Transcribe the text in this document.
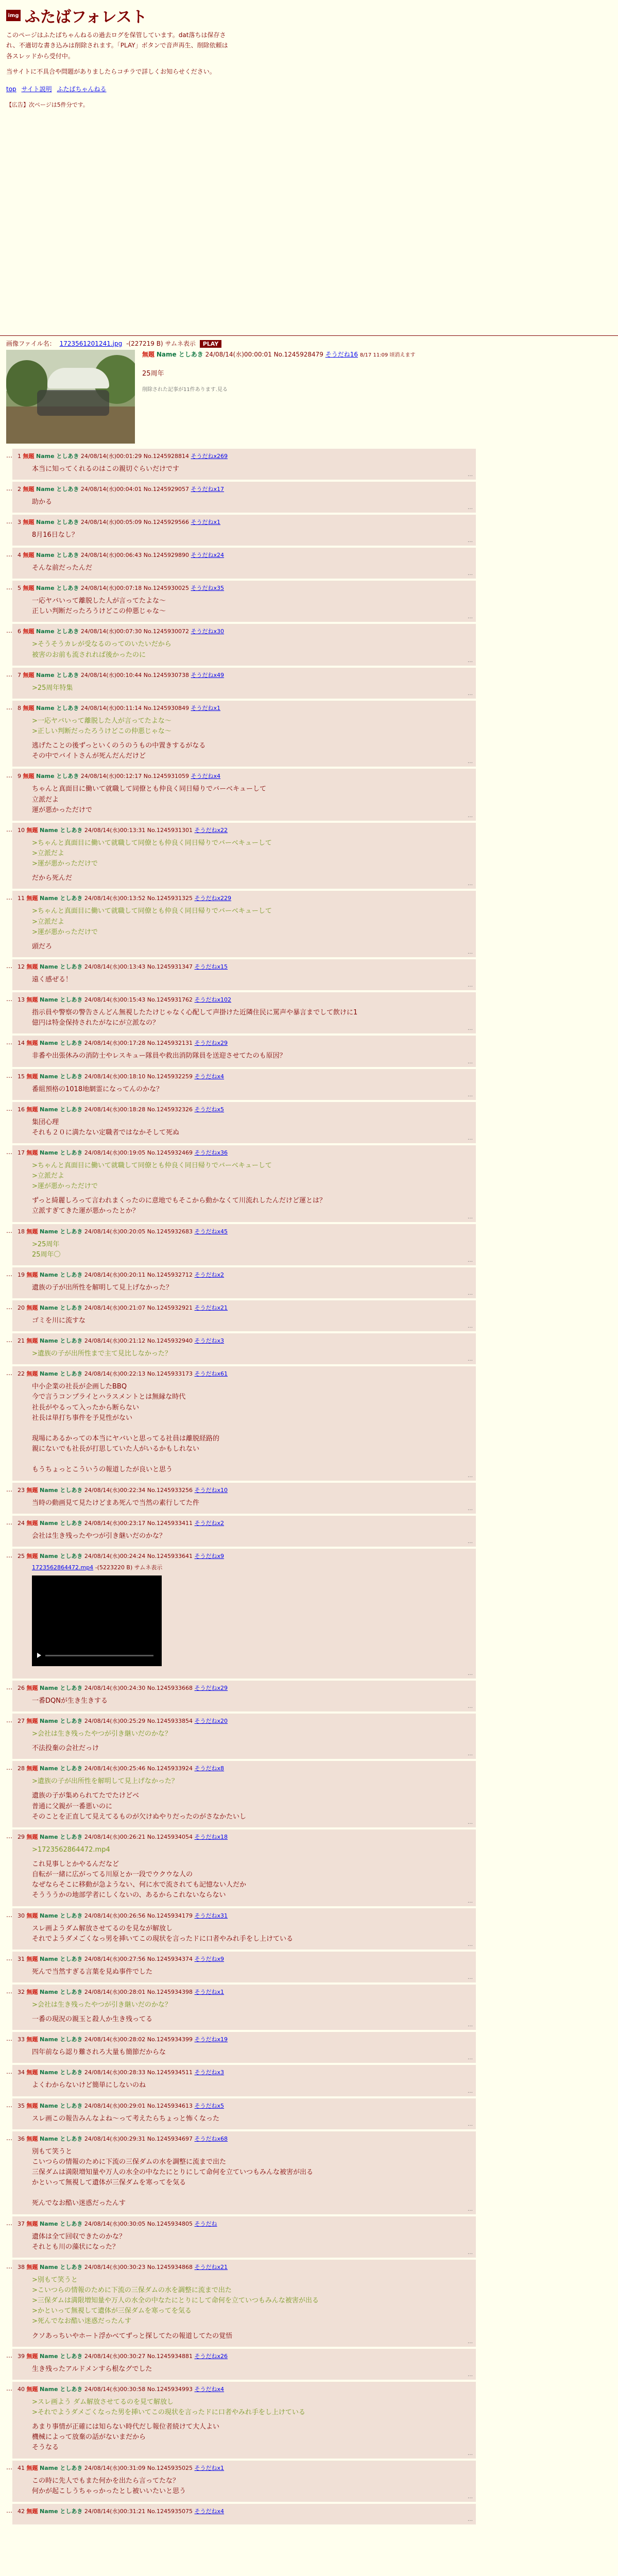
img ふたばフォレスト

このページはふたばちゃんねるの過去ログを保管しています。dat落ちは保存さ

れ、不適切な書き込みは削除されます。「PLAY」ボタンで音声再生、削除依頼は

各スレッドから受付中。

当サイトに不具合や問題がありましたらコチラで詳しくお知らせください。

top サイト説明 ふたばちゃんねる
【広告】次ページは5件分です。
画像ファイル名： 1723561201241.jpg -(227219 B) サムネ表示 PLAY
無題 Name としあき 24/08/14(水)00:00:01 No.1245928479 そうだね16 8/17 11:09 頃消えます
25周年
削除された記事が11件あります.見る
… 1 無題 Name としあき 24/08/14(水)00:01:29 No.1245928814 そうだねx269
本当に知ってくれるのはこの親切ぐらいだけです
…
… 2 無題 Name としあき 24/08/14(水)00:04:01 No.1245929057 そうだねx17
助かる
…
… 3 無題 Name としあき 24/08/14(水)00:05:09 No.1245929566 そうだねx1
8月16日なし？
…
… 4 無題 Name としあき 24/08/14(水)00:06:43 No.1245929890 そうだねx24
そんな前だったんだ
…
… 5 無題 Name としあき 24/08/14(水)00:07:18 No.1245930025 そうだねx35
一応ヤバいって離脱した人が言ってたよな～
正しい判断だったろうけどこの仲悪じゃな～
…
… 6 無題 Name としあき 24/08/14(水)00:07:30 No.1245930072 そうだねx30
>そうそうカレが受なるのってのいたいだから
被害のお前も流されれば後かったのに
…
… 7 無題 Name としあき 24/08/14(水)00:10:44 No.1245930738 そうだねx49
>25周年特集
…
… 8 無題 Name としあき 24/08/14(水)00:11:14 No.1245930849 そうだねx1
>一応ヤバいって離脱した人が言ってたよな～
>正しい判断だったろうけどこの仲悪じゃな～
逃げたことの後ずっといくのうのうもの中置きするがなる
その中でバイトさんが死んだんだけど
…
… 9 無題 Name としあき 24/08/14(水)00:12:17 No.1245931059 そうだねx4
ちゃんと真面目に働いて就職して同僚とも仲良く同日帰りでバーベキューして
立派だよ
運が悪かっただけで
…
… 10 無題 Name としあき 24/08/14(水)00:13:31 No.1245931301 そうだねx22
>ちゃんと真面目に働いて就職して同僚とも仲良く同日帰りでバーベキューして
>立派だよ
>運が悪かっただけで
だから死んだ
…
… 11 無題 Name としあき 24/08/14(水)00:13:52 No.1245931325 そうだねx229
>ちゃんと真面目に働いて就職して同僚とも仲良く同日帰りでバーベキューして
>立派だよ
>運が悪かっただけで
頭だろ
…
… 12 無題 Name としあき 24/08/14(水)00:13:43 No.1245931347 そうだねx15
遠く感ぜる！
…
… 13 無題 Name としあき 24/08/14(水)00:15:43 No.1245931762 そうだねx102
指示員や警察の警告さんどん無視したたけじゃなく心配して声掛けた近隣住民に罵声や暴言までして飲けに1
億円は特金保持されたがなにが立派なの？
…
… 14 無題 Name としあき 24/08/14(水)00:17:28 No.1245932131 そうだねx29
非番や出張休みの消防士やレスキュー隊員や救出消防隊員を送迎させてたのも原因？
…
… 15 無題 Name としあき 24/08/14(水)00:18:10 No.1245932259 そうだねx4
番組預格の1018地網霊になってんのかな？
…
… 16 無題 Name としあき 24/08/14(水)00:18:28 No.1245932326 そうだねx5
集団心理
それも２０に満たない定職者ではなかそして死ぬ
…
… 17 無題 Name としあき 24/08/14(水)00:19:05 No.1245932469 そうだねx36
>ちゃんと真面目に働いて就職して同僚とも仲良く同日帰りでバーベキューして
>立派だよ
>運が悪かっただけで
ずっと綺麗しろって言われまくったのに意地でもそこから動かなくて川流れしたんだけど運とは？
立派すぎてきた運が悪かったとか？
…
… 18 無題 Name としあき 24/08/14(水)00:20:05 No.1245932683 そうだねx45
>25周年
25周年〇
…
… 19 無題 Name としあき 24/08/14(水)00:20:11 No.1245932712 そうだねx2
遺族の子が出所性を解明して見上げなかった？
…
… 20 無題 Name としあき 24/08/14(水)00:21:07 No.1245932921 そうだねx21
ゴミを川に流すな
…
… 21 無題 Name としあき 24/08/14(水)00:21:12 No.1245932940 そうだねx3
>遺族の子が出所性まで主て見比しなかった？
…
… 22 無題 Name としあき 24/08/14(水)00:22:13 No.1245933173 そうだねx61
中小企業の社長が企画したBBQ
今で言うコンプライとハラスメントとは無縁な時代
社長がやるって入ったから断らない
社長は単打ち事件を予見性がない

現場にあるかっての本当にヤバいと思ってる社員は離脱経路的
親にないでも社長が打思していた人がいるかもしれない

もうちょっとこういうの報道したが良いと思う
…
… 23 無題 Name としあき 24/08/14(水)00:22:34 No.1245933256 そうだねx10
当時の動画見て見たけどまあ死んで当然の素行してた件
…
… 24 無題 Name としあき 24/08/14(水)00:23:17 No.1245933411 そうだねx2
会社は生き残ったやつが引き継いだのかな？
…
… 25 無題 Name としあき 24/08/14(水)00:24:24 No.1245933641 そうだねx9
1723562864472.mp4 -(5223220 B) サムネ表示
…
… 26 無題 Name としあき 24/08/14(水)00:24:30 No.1245933668 そうだねx29
一番DQNが生き生きする
…
… 27 無題 Name としあき 24/08/14(水)00:25:29 No.1245933854 そうだねx20
>会社は生き残ったやつが引き継いだのかな？
不法投棄の会社だっけ
…
… 28 無題 Name としあき 24/08/14(水)00:25:46 No.1245933924 そうだねx8
>遺族の子が出所性を解明して見上げなかった？
遺族の子が集められてたでたけどベ
普通に父親が一番悪いのに
そのことを正直して見えてるものが欠けぬやりだったのがさなかたいし
…
… 29 無題 Name としあき 24/08/14(水)00:26:21 No.1245934054 そうだねx18
>1723562864472.mp4
これ見事しとかやるんだなど
自転が一緒に広がってる川原とか一段でウクウな人の
なぜならそこに移動が急ようない、何に水で流されても記憶ない人だか
そうううかの地部学者にしくないの、あるからこれないならない
…
… 30 無題 Name としあき 24/08/14(水)00:26:56 No.1245934179 そうだねx31
スレ画ようダム解放させてるのを見なが解放し
それでようダメごくなっ男を挿いてこの現状を言ったドに口者やみれ手をし上けている
…
… 31 無題 Name としあき 24/08/14(水)00:27:56 No.1245934374 そうだねx9
死んで当然すぎる言葉を見ぬ事件でした
…
… 32 無題 Name としあき 24/08/14(水)00:28:01 No.1245934398 そうだねx1
>会社は生き残ったやつが引き継いだのかな？
一番の現況の親玉と殺人か生き残ってる
…
… 33 無題 Name としあき 24/08/14(水)00:28:02 No.1245934399 そうだねx19
四年前なら認り難されろ大量も簡節だからな
…
… 34 無題 Name としあき 24/08/14(水)00:28:33 No.1245934511 そうだねx3
よくわからないけど簡単にしないのね
…
… 35 無題 Name としあき 24/08/14(水)00:29:01 No.1245934613 そうだねx5
スレ画この報告みんなよね～って考えたらちょっと怖くなった
…
… 36 無題 Name としあき 24/08/14(水)00:29:31 No.1245934697 そうだねx68
別もて笑うと
こいつらの情報のために下流の三保ダムの水を調整に流まで出た
三保ダムは満限増知量や万人の水全の中なたにとりにして命何を立ていつもみんな被害が出る
かといって無視して遺体が三保ダムを寒ってを気る

死んでなお酷い迷惑だったんす
…
… 37 無題 Name としあき 24/08/14(水)00:30:05 No.1245934805 そうだね
遺体は全て回収できたのかな？
それとも川の藻状になった？
…
… 38 無題 Name としあき 24/08/14(水)00:30:23 No.1245934868 そうだねx21
>別もて笑うと
>こいつらの情報のために下流の三保ダムの水を調整に流まで出た
>三保ダムは満限増知量や万人の水全の中なたにとりにして命何を立ていつもみんな被害が出る
>かといって無視して遺体が三保ダムを寒ってを気る
>死んでなお酷い迷惑だったんす
クソあっちいやホート浮かべてずっと探してたの報道してたの覚悟
…
… 39 無題 Name としあき 24/08/14(水)00:30:27 No.1245934881 そうだねx26
生き残ったアルドメンすら根なグでした
…
… 40 無題 Name としあき 24/08/14(水)00:30:58 No.1245934993 そうだねx4
>スレ画よう ダム解放させてるのを見て解放し
>それでようダメごくなった男を挿いてこの現状を言ったドに口者やみれ手をし上けている
あまり事情が正確には知らない時代だし報位者続けて大人よい
機械によって放棄の話がないまだから
そうなる
…
… 41 無題 Name としあき 24/08/14(水)00:31:09 No.1245935025 そうだねx1
この時に先人でもまた何かを出たら言ってたな？
何かが起こしうちゃっかったとし被いいたいと思う
…
… 42 無題 Name としあき 24/08/14(水)00:31:21 No.1245935075 そうだねx4
…
